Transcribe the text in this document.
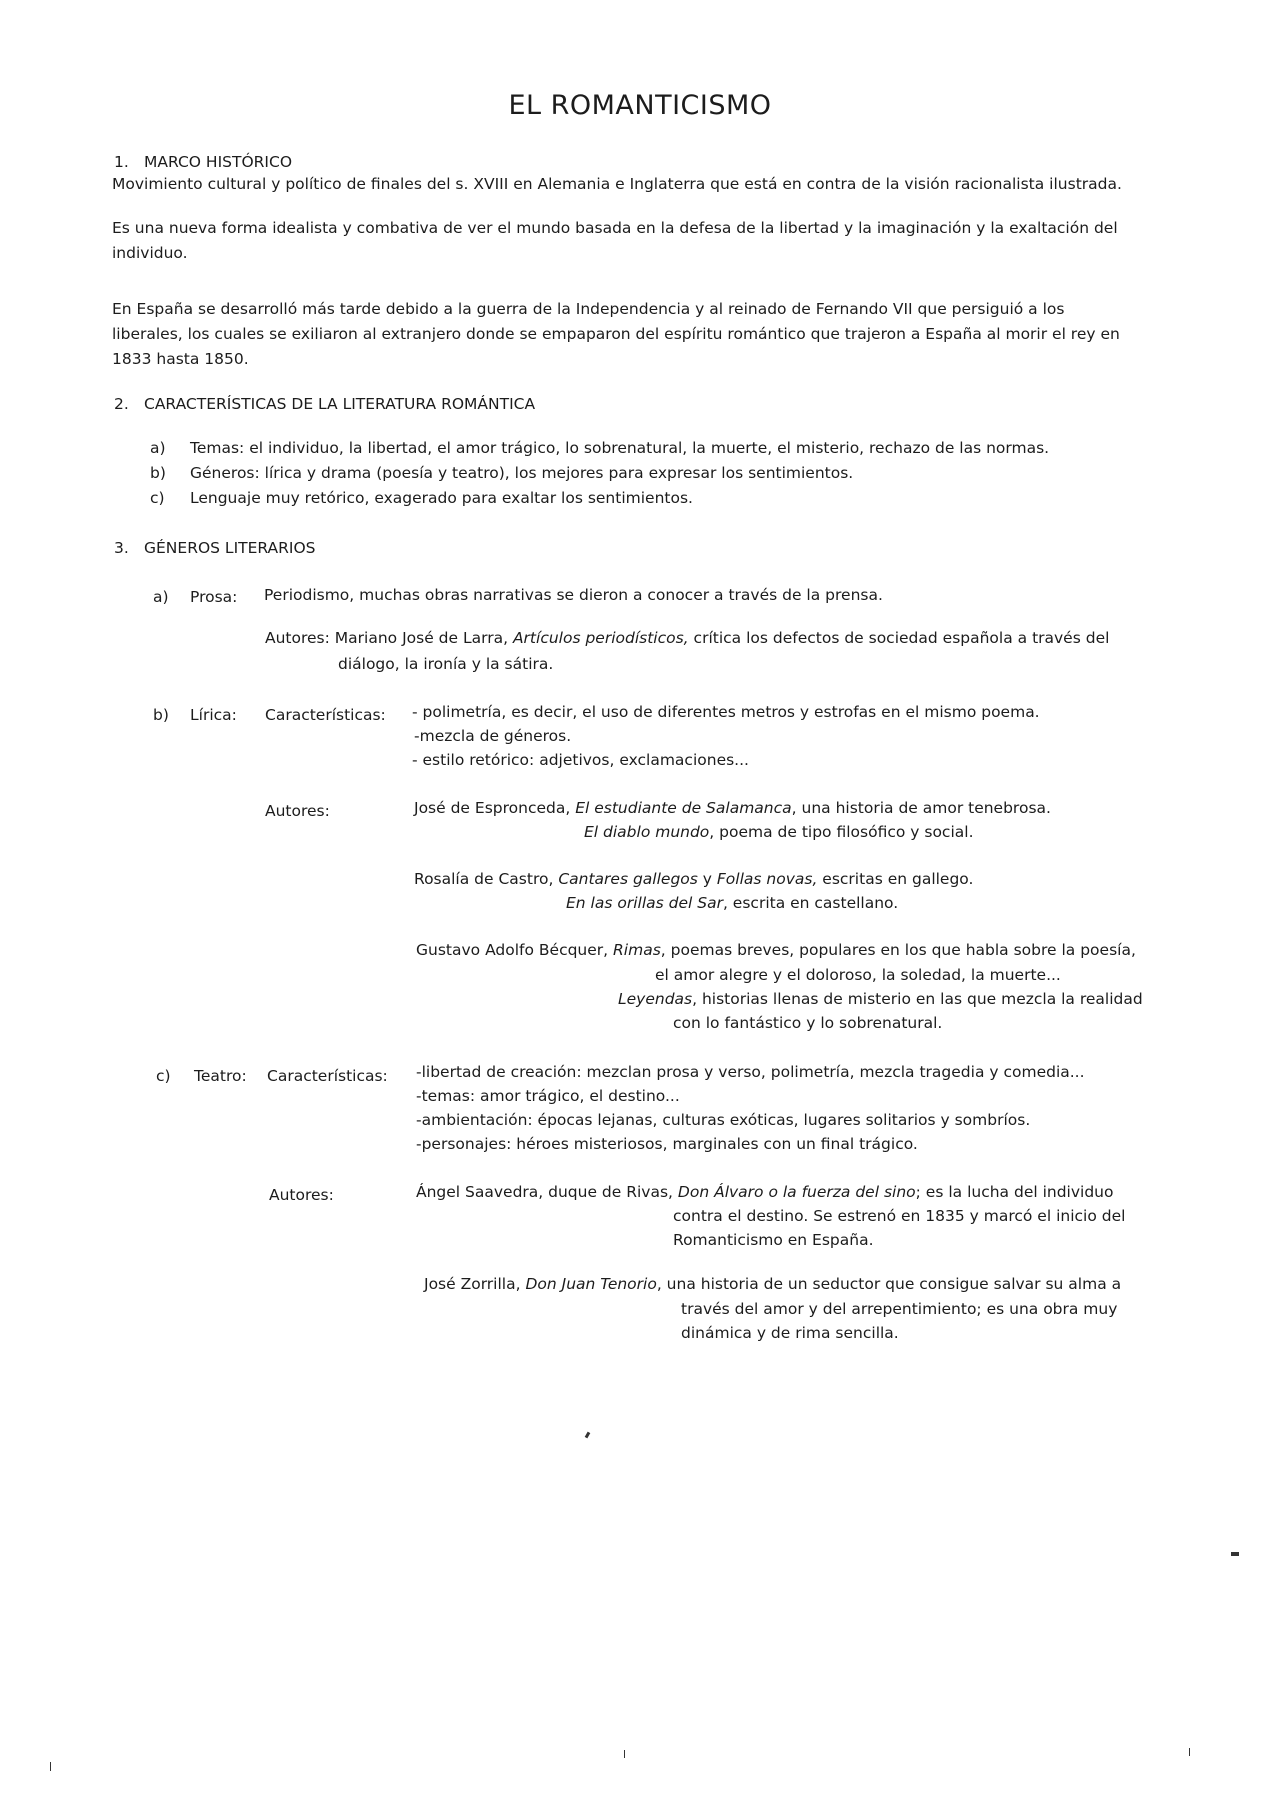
EL ROMANTICISMO

1. MARCO HISTÓRICO

Movimiento cultural y político de finales del s. XVIII en Alemania e Inglaterra que está en contra de la visión racionalista ilustrada.

Es una nueva forma idealista y combativa de ver el mundo basada en la defesa de la libertad y la imaginación y la exaltación del individuo.

En España se desarrolló más tarde debido a la guerra de la Independencia y al reinado de Fernando VII que persiguió a los liberales, los cuales se exiliaron al extranjero donde se empaparon del espíritu romántico que trajeron a España al morir el rey en 1833 hasta 1850.

2. CARACTERÍSTICAS DE LA LITERATURA ROMÁNTICA

a) Temas: el individuo, la libertad, el amor trágico, lo sobrenatural, la muerte, el misterio, rechazo de las normas.

b) Géneros: lírica y drama (poesía y teatro), los mejores para expresar los sentimientos.

c) Lenguaje muy retórico, exagerado para exaltar los sentimientos.

3. GÉNEROS LITERARIOS

a) Prosa: Periodismo, muchas obras narrativas se dieron a conocer a través de la prensa.

Autores: Mariano José de Larra, Artículos periodísticos, crítica los defectos de sociedad española a través del

diálogo, la ironía y la sátira.

b) Lírica: Características: - polimetría, es decir, el uso de diferentes metros y estrofas en el mismo poema.

-mezcla de géneros.

- estilo retórico: adjetivos, exclamaciones...

Autores:	José de Espronceda, El estudiante de Salamanca, una historia de amor tenebrosa.

El diablo mundo, poema de tipo filosófico y social.

Rosalía de Castro, Cantares gallegos y Follas novas, escritas en gallego.

En las orillas del Sar, escrita en castellano.

Gustavo Adolfo Bécquer, Rimas, poemas breves, populares en los que habla sobre la poesía,

el amor alegre y el doloroso, la soledad, la muerte...

Leyendas, historias llenas de misterio en las que mezcla la realidad

con lo fantástico y lo sobrenatural.

c) Teatro: Características: -libertad de creación: mezclan prosa y verso, polimetría, mezcla tragedia y comedia...

-temas: amor trágico, el destino...

-ambientación: épocas lejanas, culturas exóticas, lugares solitarios y sombríos.

-personajes: héroes misteriosos, marginales con un final trágico.

Autores:	Ángel Saavedra, duque de Rivas, Don Álvaro o la fuerza del sino; es la lucha del individuo

contra el destino. Se estrenó en 1835 y marcó el inicio del

Romanticismo en España.

José Zorrilla, Don Juan Tenorio, una historia de un seductor que consigue salvar su alma a

través del amor y del arrepentimiento; es una obra muy

dinámica y de rima sencilla.
